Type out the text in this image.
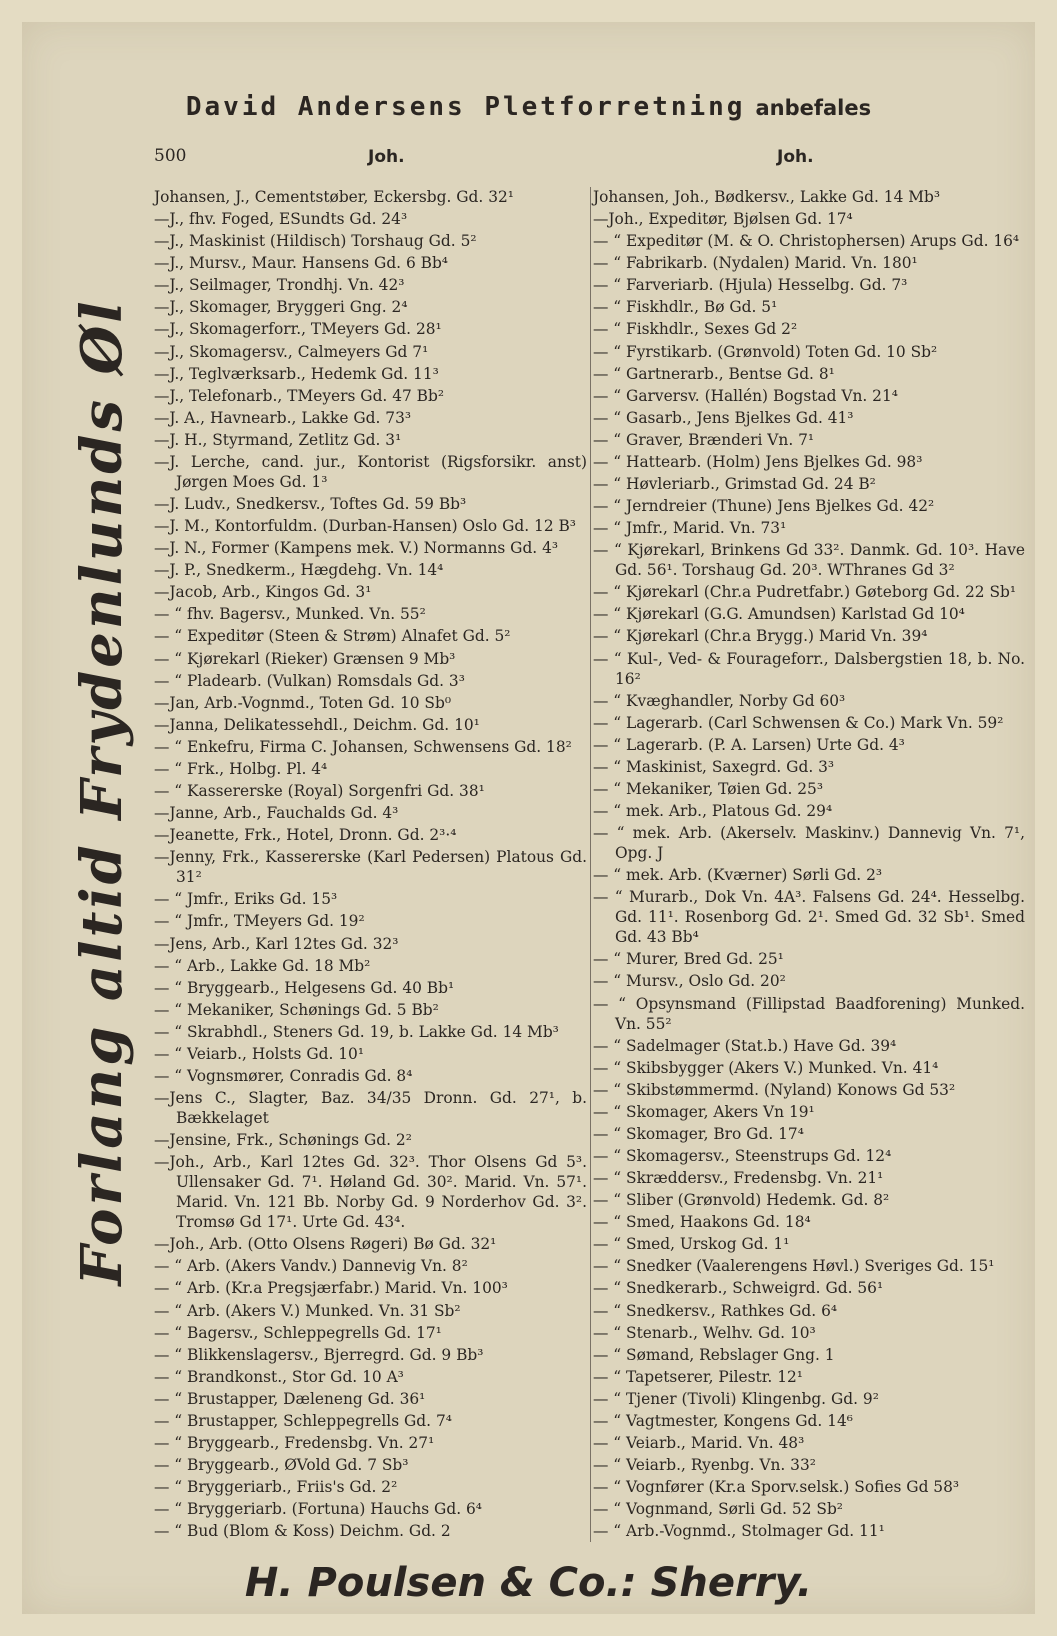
David Andersens Pletforretning anbefales
500	Joh.	Joh.
Forlang altid Frydenlunds Øl
Johansen, J., Cementstøber, Eckersbg. Gd. 32¹
—J., fhv. Foged, ESundts Gd. 24³
—J., Maskinist (Hildisch) Torshaug Gd. 5²
—J., Mursv., Maur. Hansens Gd. 6 Bb⁴
—J., Seilmager, Trondhj. Vn. 42³
—J., Skomager, Bryggeri Gng. 2⁴
—J., Skomagerforr., TMeyers Gd. 28¹
—J., Skomagersv., Calmeyers Gd 7¹
—J., Teglværksarb., Hedemk Gd. 11³
—J., Telefonarb., TMeyers Gd. 47 Bb²
—J. A., Havnearb., Lakke Gd. 73³
—J. H., Styrmand, Zetlitz Gd. 3¹
—J. Lerche, cand. jur., Kontorist (Rigsforsikr. anst) Jørgen Moes Gd. 1³
—J. Ludv., Snedkersv., Toftes Gd. 59 Bb³
—J. M., Kontorfuldm. (Durban-Hansen) Oslo Gd. 12 B³
—J. N., Former (Kampens mek. V.) Normanns Gd. 4³
—J. P., Snedkerm., Hægdehg. Vn. 14⁴
—Jacob, Arb., Kingos Gd. 3¹
— “ fhv. Bagersv., Munked. Vn. 55²
— “ Expeditør (Steen & Strøm) Alnafet Gd. 5²
— “ Kjørekarl (Rieker) Grænsen 9 Mb³
— “ Pladearb. (Vulkan) Romsdals Gd. 3³
—Jan, Arb.-Vognmd., Toten Gd. 10 Sb⁰
—Janna, Delikatessehdl., Deichm. Gd. 10¹
— “ Enkefru, Firma C. Johansen, Schwensens Gd. 18²
— “ Frk., Holbg. Pl. 4⁴
— “ Kassererske (Royal) Sorgenfri Gd. 38¹
—Janne, Arb., Fauchalds Gd. 4³
—Jeanette, Frk., Hotel, Dronn. Gd. 2³·⁴
—Jenny, Frk., Kassererske (Karl Pedersen) Platous Gd. 31²
— “ Jmfr., Eriks Gd. 15³
— “ Jmfr., TMeyers Gd. 19²
—Jens, Arb., Karl 12tes Gd. 32³
— “ Arb., Lakke Gd. 18 Mb²
— “ Bryggearb., Helgesens Gd. 40 Bb¹
— “ Mekaniker, Schønings Gd. 5 Bb²
— “ Skrabhdl., Steners Gd. 19, b. Lakke Gd. 14 Mb³
— “ Veiarb., Holsts Gd. 10¹
— “ Vognsmører, Conradis Gd. 8⁴
—Jens C., Slagter, Baz. 34/35 Dronn. Gd. 27¹, b. Bækkelaget
—Jensine, Frk., Schønings Gd. 2²
—Joh., Arb., Karl 12tes Gd. 32³. Thor Olsens Gd 5³. Ullensaker Gd. 7¹. Høland Gd. 30². Marid. Vn. 57¹. Marid. Vn. 121 Bb. Norby Gd. 9 Norderhov Gd. 3². Tromsø Gd 17¹. Urte Gd. 43⁴.
—Joh., Arb. (Otto Olsens Røgeri) Bø Gd. 32¹
— “ Arb. (Akers Vandv.) Dannevig Vn. 8²
— “ Arb. (Kr.a Pregsjærfabr.) Marid. Vn. 100³
— “ Arb. (Akers V.) Munked. Vn. 31 Sb²
— “ Bagersv., Schleppegrells Gd. 17¹
— “ Blikkenslagersv., Bjerregrd. Gd. 9 Bb³
— “ Brandkonst., Stor Gd. 10 A³
— “ Brustapper, Dæleneng Gd. 36¹
— “ Brustapper, Schleppegrells Gd. 7⁴
— “ Bryggearb., Fredensbg. Vn. 27¹
— “ Bryggearb., ØVold Gd. 7 Sb³
— “ Bryggeriarb., Friis's Gd. 2²
— “ Bryggeriarb. (Fortuna) Hauchs Gd. 6⁴
— “ Bud (Blom & Koss) Deichm. Gd. 2
Johansen, Joh., Bødkersv., Lakke Gd. 14 Mb³
—Joh., Expeditør, Bjølsen Gd. 17⁴
— “ Expeditør (M. & O. Christophersen) Arups Gd. 16⁴
— “ Fabrikarb. (Nydalen) Marid. Vn. 180¹
— “ Farveriarb. (Hjula) Hesselbg. Gd. 7³
— “ Fiskhdlr., Bø Gd. 5¹
— “ Fiskhdlr., Sexes Gd 2²
— “ Fyrstikarb. (Grønvold) Toten Gd. 10 Sb²
— “ Gartnerarb., Bentse Gd. 8¹
— “ Garversv. (Hallén) Bogstad Vn. 21⁴
— “ Gasarb., Jens Bjelkes Gd. 41³
— “ Graver, Brænderi Vn. 7¹
— “ Hattearb. (Holm) Jens Bjelkes Gd. 98³
— “ Høvleriarb., Grimstad Gd. 24 B²
— “ Jerndreier (Thune) Jens Bjelkes Gd. 42²
— “ Jmfr., Marid. Vn. 73¹
— “ Kjørekarl, Brinkens Gd 33². Danmk. Gd. 10³. Have Gd. 56¹. Torshaug Gd. 20³. WThranes Gd 3²
— “ Kjørekarl (Chr.a Pudretfabr.) Gøteborg Gd. 22 Sb¹
— “ Kjørekarl (G.G. Amundsen) Karlstad Gd 10⁴
— “ Kjørekarl (Chr.a Brygg.) Marid Vn. 39⁴
— “ Kul-, Ved- & Fourageforr., Dalsbergstien 18, b. No. 16²
— “ Kvæghandler, Norby Gd 60³
— “ Lagerarb. (Carl Schwensen & Co.) Mark Vn. 59²
— “ Lagerarb. (P. A. Larsen) Urte Gd. 4³
— “ Maskinist, Saxegrd. Gd. 3³
— “ Mekaniker, Tøien Gd. 25³
— “ mek. Arb., Platous Gd. 29⁴
— “ mek. Arb. (Akerselv. Maskinv.) Dannevig Vn. 7¹, Opg. J
— “ mek. Arb. (Kværner) Sørli Gd. 2³
— “ Murarb., Dok Vn. 4A³. Falsens Gd. 24⁴. Hesselbg. Gd. 11¹. Rosenborg Gd. 2¹. Smed Gd. 32 Sb¹. Smed Gd. 43 Bb⁴
— “ Murer, Bred Gd. 25¹
— “ Mursv., Oslo Gd. 20²
— “ Opsynsmand (Fillipstad Baadforening) Munked. Vn. 55²
— “ Sadelmager (Stat.b.) Have Gd. 39⁴
— “ Skibsbygger (Akers V.) Munked. Vn. 41⁴
— “ Skibstømmermd. (Nyland) Konows Gd 53²
— “ Skomager, Akers Vn 19¹
— “ Skomager, Bro Gd. 17⁴
— “ Skomagersv., Steenstrups Gd. 12⁴
— “ Skræddersv., Fredensbg. Vn. 21¹
— “ Sliber (Grønvold) Hedemk. Gd. 8²
— “ Smed, Haakons Gd. 18⁴
— “ Smed, Urskog Gd. 1¹
— “ Snedker (Vaalerengens Høvl.) Sveriges Gd. 15¹
— “ Snedkerarb., Schweigrd. Gd. 56¹
— “ Snedkersv., Rathkes Gd. 6⁴
— “ Stenarb., Welhv. Gd. 10³
— “ Sømand, Rebslager Gng. 1
— “ Tapetserer, Pilestr. 12¹
— “ Tjener (Tivoli) Klingenbg. Gd. 9²
— “ Vagtmester, Kongens Gd. 14⁶
— “ Veiarb., Marid. Vn. 48³
— “ Veiarb., Ryenbg. Vn. 33²
— “ Vognfører (Kr.a Sporv.selsk.) Sofies Gd 58³
— “ Vognmand, Sørli Gd. 52 Sb²
— “ Arb.-Vognmd., Stolmager Gd. 11¹
H. Poulsen & Co.: Sherry.
